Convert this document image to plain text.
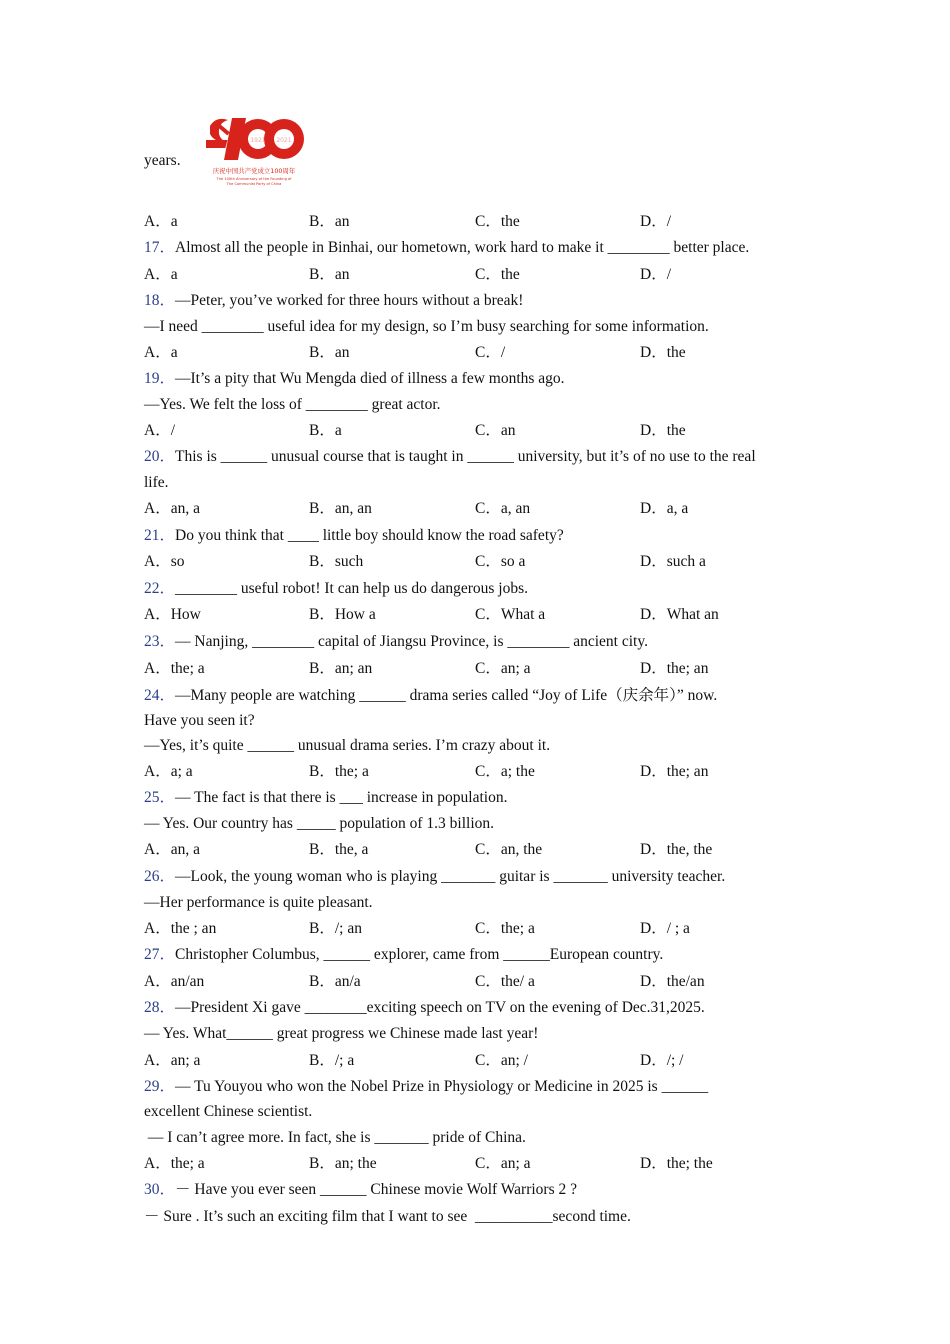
years.
1921 2021
庆祝中国共产党成立100周年
The 100th Anniversary of the Founding of
The Communist Party of China
A．a	B．an	C．the	D．/
17．Almost all the people in Binhai, our hometown, work hard to make it ________ better place.
A．a	B．an	C．the	D．/
18．—Peter, you’ve worked for three hours without a break!
—I need ________ useful idea for my design, so I’m busy searching for some information.
A．a	B．an	C．/	D．the
19．—It’s a pity that Wu Mengda died of illness a few months ago.
—Yes. We felt the loss of ________ great actor.
A．/	B．a	C．an	D．the
20．This is ______ unusual course that is taught in ______ university, but it’s of no use to the real
life.
A．an, a	B．an, an	C．a, an	D．a, a
21．Do you think that ____ little boy should know the road safety?
A．so	B．such	C．so a	D．such a
22．________ useful robot! It can help us do dangerous jobs.
A．How	B．How a	C．What a	D．What an
23．— Nanjing, ________ capital of Jiangsu Province, is ________ ancient city.
A．the; a	B．an; an	C．an; a	D．the; an
24．—Many people are watching ______ drama series called “Joy of Life（庆余年）” now.
Have you seen it?
—Yes, it’s quite ______ unusual drama series. I’m crazy about it.
A．a; a	B．the; a	C．a; the	D．the; an
25．— The fact is that there is ___ increase in population.
— Yes. Our country has _____ population of 1.3 billion.
A．an, a	B．the, a	C．an, the	D．the, the
26．—Look, the young woman who is playing _______ guitar is _______ university teacher.
—Her performance is quite pleasant.
A．the ; an	B．/; an	C．the; a	D．/ ; a
27．Christopher Columbus, ______ explorer, came from ______European country.
A．an/an	B．an/a	C．the/ a	D．the/an
28．—President Xi gave ________exciting speech on TV on the evening of Dec.31,2025.
— Yes. What______ great progress we Chinese made last year!
A．an; a	B．/; a	C．an; /	D．/; /
29．— Tu Youyou who won the Nobel Prize in Physiology or Medicine in 2025 is ______
excellent Chinese scientist.
— I can’t agree more. In fact, she is _______ pride of China.
A．the; a	B．an; the	C．an; a	D．the; the
30．－ Have you ever seen ______ Chinese movie Wolf Warriors 2 ?
－ Sure . It’s such an exciting film that I want to see  __________second time.
